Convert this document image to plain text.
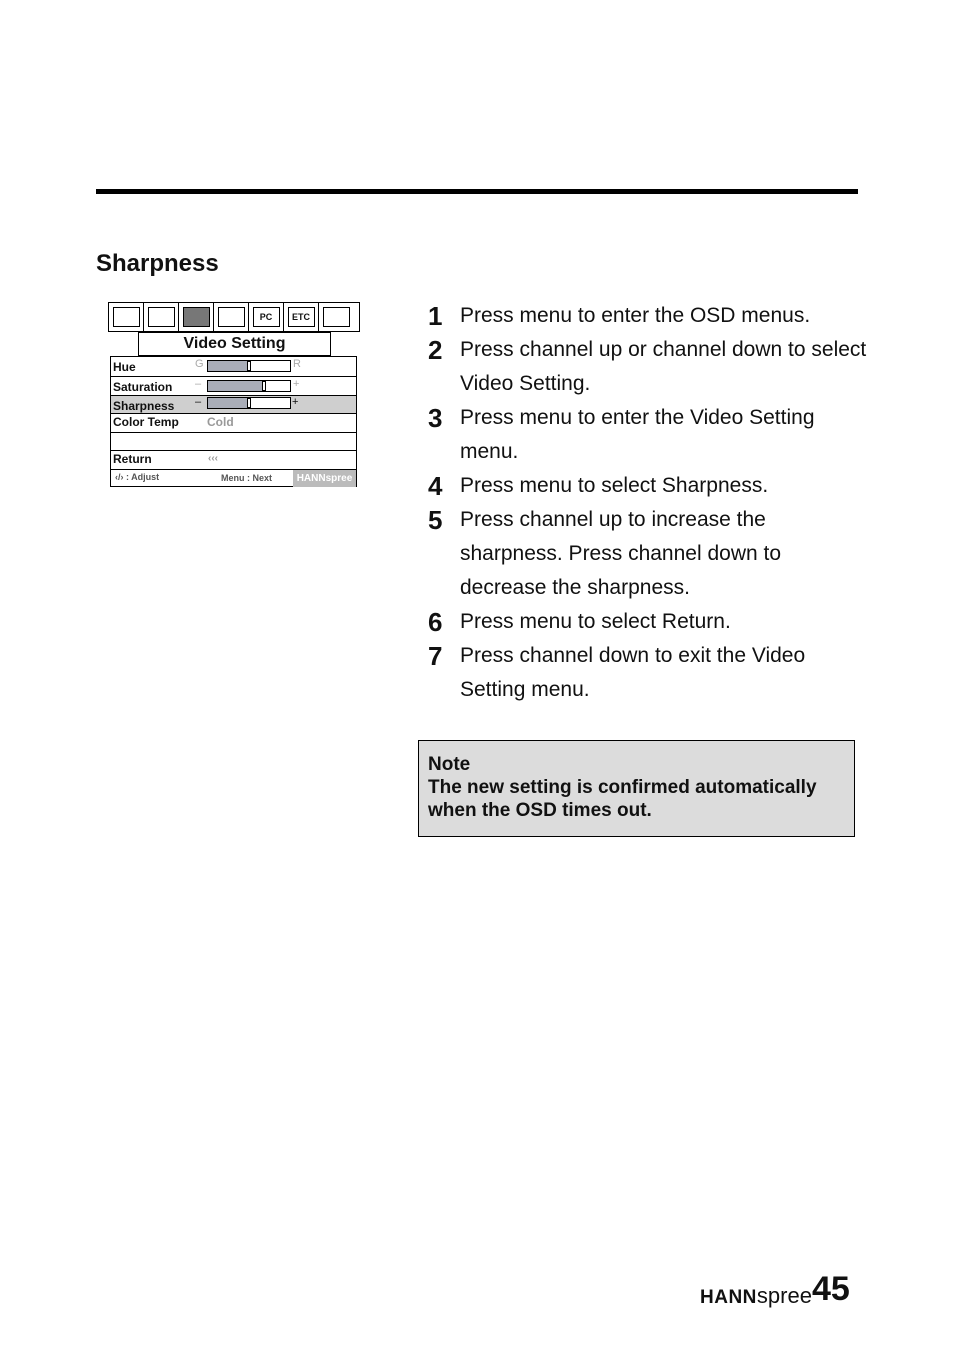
Sharpness
PC	ETC
Video Setting
Hue	G	R
Saturation –	+
Sharpness –	+
Color Temp Cold
Return	‹‹‹
‹/› : Adjust	Menu : Next	HANNspree
1 Press menu to enter the OSD menus.
2 Press channel up or channel down to select Video Setting.
3 Press menu to enter the Video Setting menu.
4 Press menu to select Sharpness.
5 Press channel up to increase the sharpness. Press channel down to decrease the sharpness.
6 Press menu to select Return.
7 Press channel down to exit the Video Setting menu.
Note
The new setting is confirmed automatically when the OSD times out.
HANNspree 45
